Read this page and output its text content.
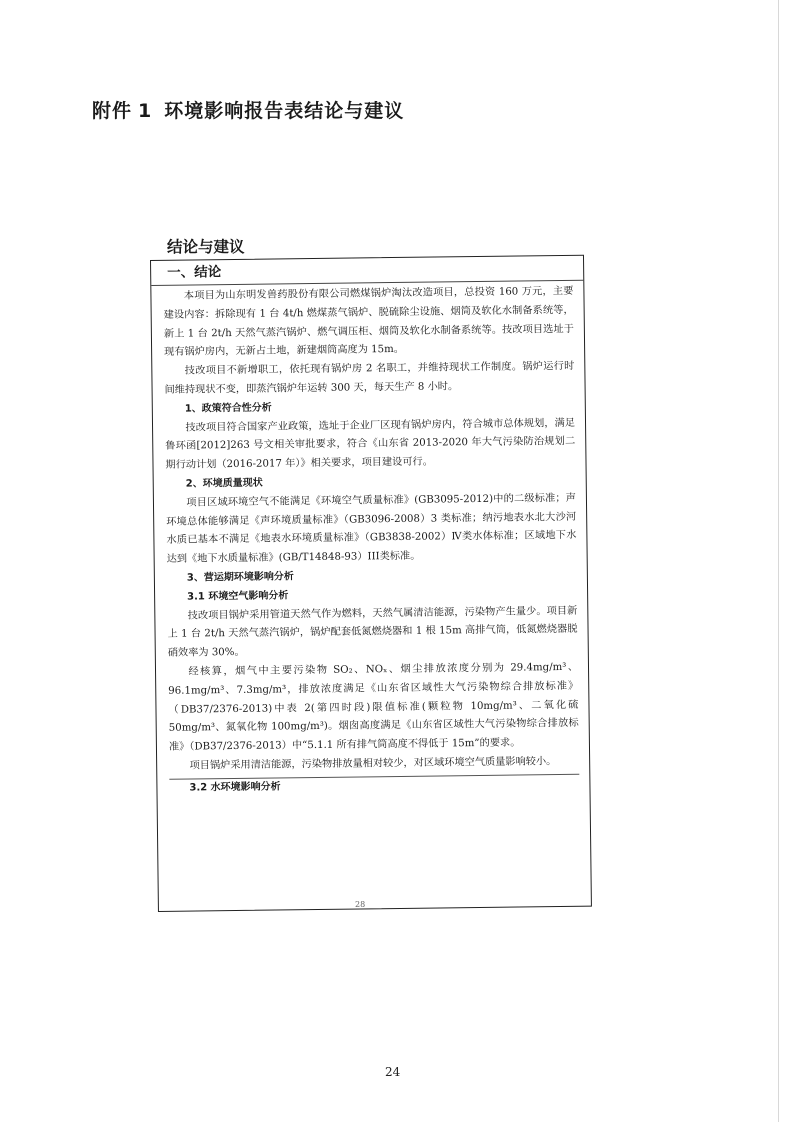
附件 1 环境影响报告表结论与建议
结论与建议
一、结论

本项目为山东明发兽药股份有限公司燃煤锅炉淘汰改造项目，总投资 160 万元，主要建设内容：拆除现有 1 台 4t/h 燃煤蒸气锅炉、脱硫除尘设施、烟筒及软化水制备系统等，新上 1 台 2t/h 天然气蒸汽锅炉、燃气调压柜、烟筒及软化水制备系统等。技改项目选址于现有锅炉房内，无新占土地，新建烟筒高度为 15m。

技改项目不新增职工，依托现有锅炉房 2 名职工，并维持现状工作制度。锅炉运行时间维持现状不变，即蒸汽锅炉年运转 300 天，每天生产 8 小时。

1、政策符合性分析

技改项目符合国家产业政策，选址于企业厂区现有锅炉房内，符合城市总体规划，满足鲁环函[2012]263 号文相关审批要求，符合《山东省 2013-2020 年大气污染防治规划二期行动计划（2016-2017 年）》相关要求，项目建设可行。

2、环境质量现状

项目区域环境空气不能满足《环境空气质量标准》(GB3095-2012)中的二级标准；声环境总体能够满足《声环境质量标准》（GB3096-2008）3 类标准；纳污地表水北大沙河水质已基本不满足《地表水环境质量标准》（GB3838-2002）Ⅳ类水体标准；区域地下水达到《地下水质量标准》(GB/T14848-93）III类标准。

3、营运期环境影响分析
3.1 环境空气影响分析

技改项目锅炉采用管道天然气作为燃料，天然气属清洁能源，污染物产生量少。项目新上 1 台 2t/h 天然气蒸汽锅炉，锅炉配套低氮燃烧器和 1 根 15m 高排气筒，低氮燃烧器脱硝效率为 30%。

经核算，烟气中主要污染物 SO₂、NOₓ、烟尘排放浓度分别为 29.4mg/m³、96.1mg/m³、7.3mg/m³，排放浓度满足《山东省区域性大气污染物综合排放标准》（DB37/2376-2013)中表 2(第四时段)限值标准(颗粒物 10mg/m³、二氧化硫 50mg/m³、氮氧化物 100mg/m³)。烟囱高度满足《山东省区域性大气污染物综合排放标准》（DB37/2376-2013）中“5.1.1 所有排气筒高度不得低于 15m”的要求。

项目锅炉采用清洁能源，污染物排放量相对较少，对区域环境空气质量影响较小。

3.2 水环境影响分析
28
24
